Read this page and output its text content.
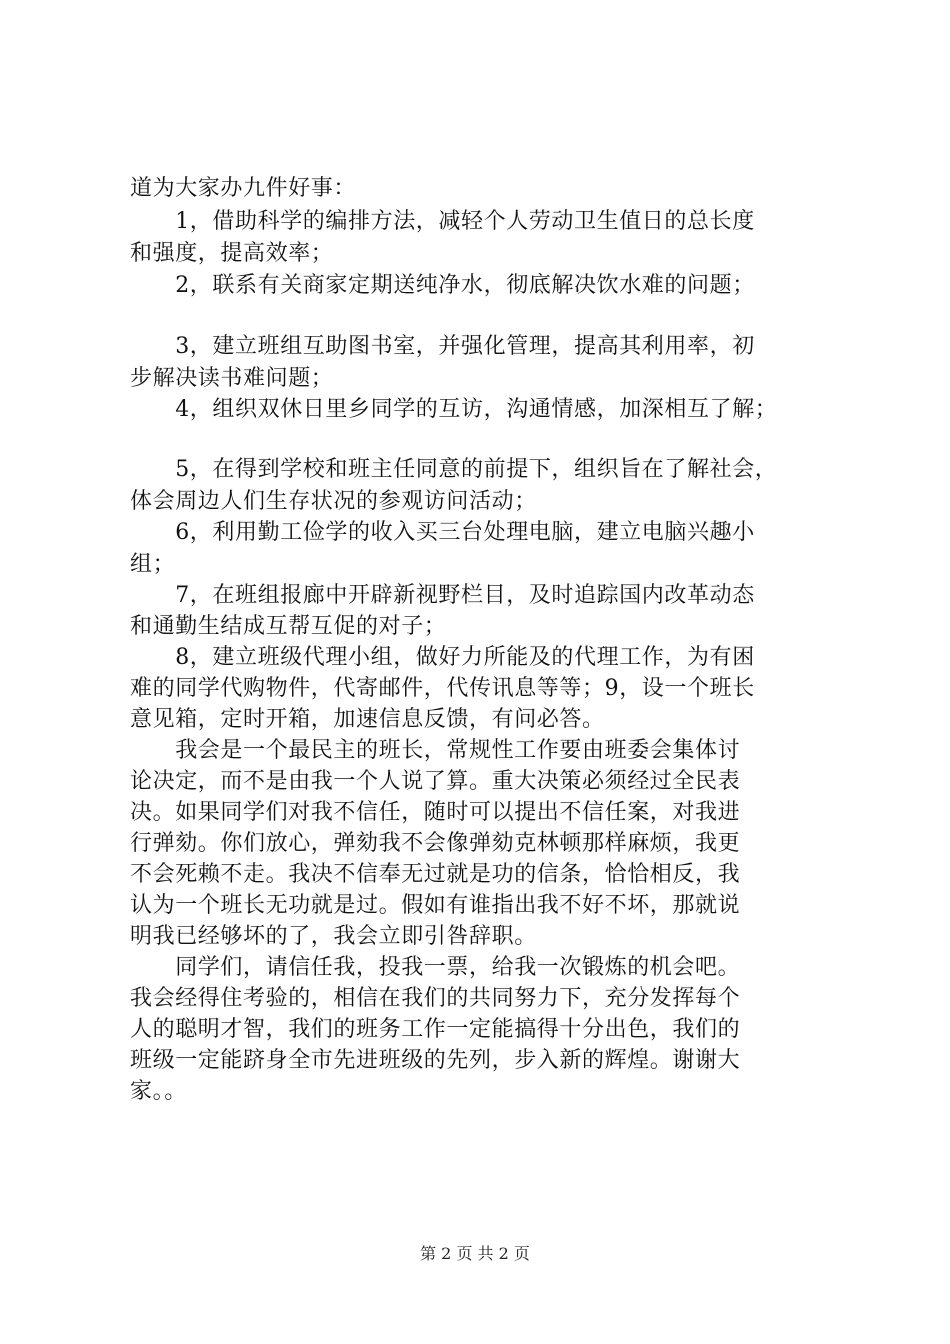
道为大家办九件好事：
　　1，借助科学的编排方法，减轻个人劳动卫生值日的总长度
和强度，提高效率；
　　2，联系有关商家定期送纯净水，彻底解决饮水难的问题；
　　3，建立班组互助图书室，并强化管理，提高其利用率，初
步解决读书难问题；
　　4，组织双休日里乡同学的互访，沟通情感，加深相互了解；
　　5，在得到学校和班主任同意的前提下，组织旨在了解社会，
体会周边人们生存状况的参观访问活动；
　　6，利用勤工俭学的收入买三台处理电脑，建立电脑兴趣小
组；
　　7，在班组报廊中开辟新视野栏目，及时追踪国内改革动态
和通勤生结成互帮互促的对子；
　　8，建立班级代理小组，做好力所能及的代理工作，为有困
难的同学代购物件，代寄邮件，代传讯息等等；9，设一个班长
意见箱，定时开箱，加速信息反馈，有问必答。
　　我会是一个最民主的班长，常规性工作要由班委会集体讨
论决定，而不是由我一个人说了算。重大决策必须经过全民表
决。如果同学们对我不信任，随时可以提出不信任案，对我进
行弹劾。你们放心，弹劾我不会像弹劾克林顿那样麻烦，我更
不会死赖不走。我决不信奉无过就是功的信条，恰恰相反，我
认为一个班长无功就是过。假如有谁指出我不好不坏，那就说
明我已经够坏的了，我会立即引咎辞职。
　　同学们，请信任我，投我一票，给我一次锻炼的机会吧。
我会经得住考验的，相信在我们的共同努力下，充分发挥每个
人的聪明才智，我们的班务工作一定能搞得十分出色，我们的
班级一定能跻身全市先进班级的先列，步入新的辉煌。谢谢大
家。。
第 2 页 共 2 页
